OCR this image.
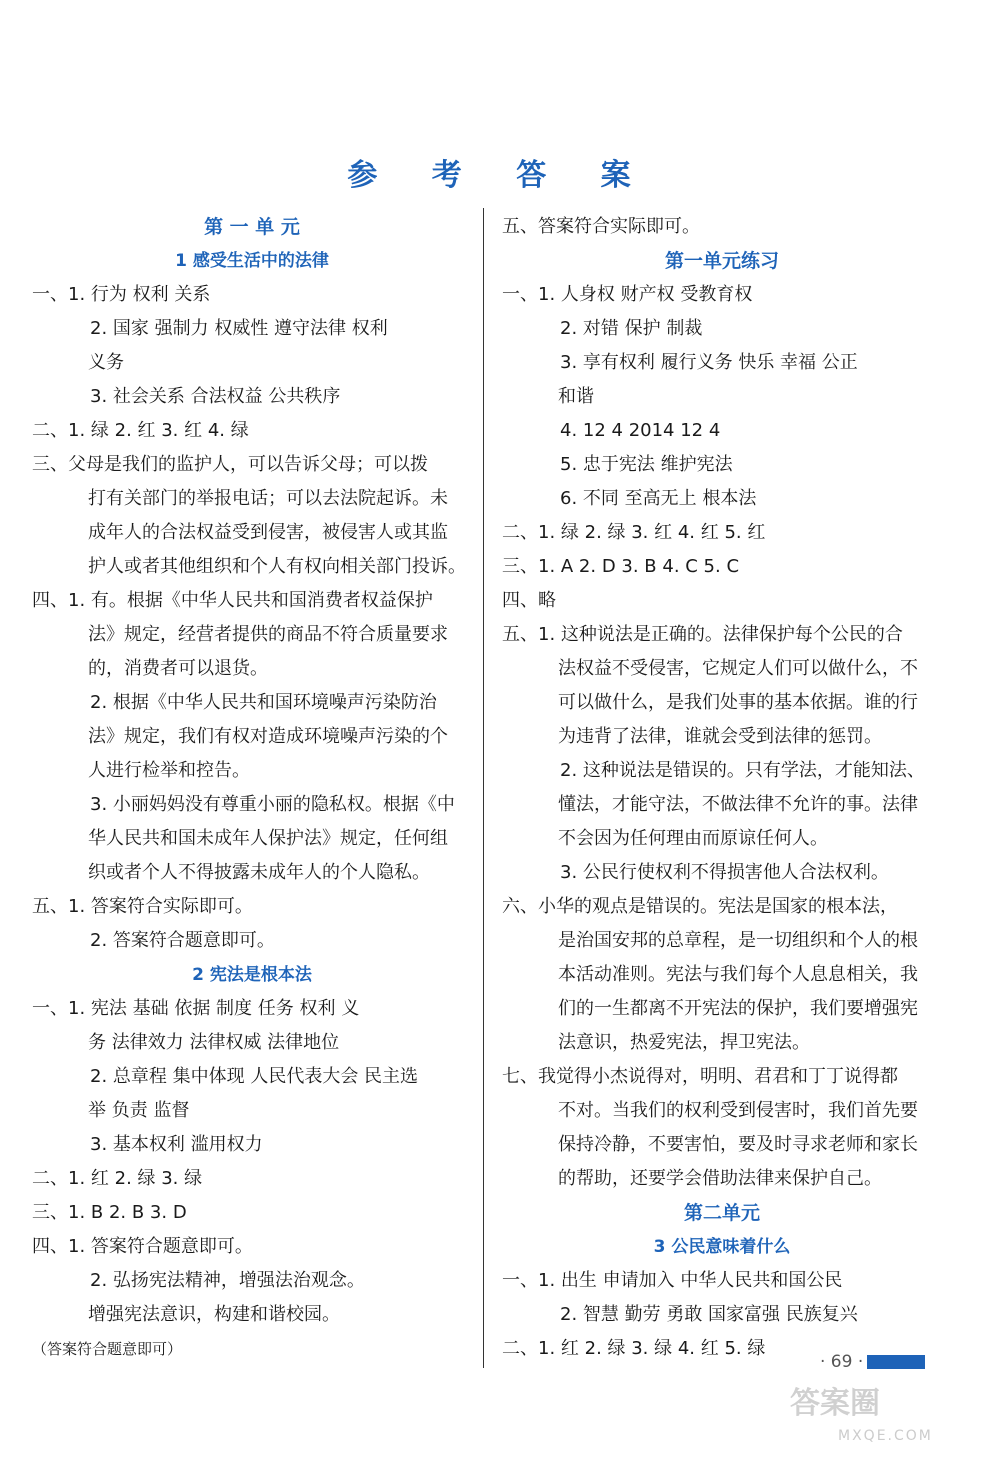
参 考 答 案
第 一 单 元
1 感受生活中的法律
一、1. 行为 权利 关系
2. 国家 强制力 权威性 遵守法律 权利
义务
3. 社会关系 合法权益 公共秩序
二、1. 绿 2. 红 3. 红 4. 绿
三、父母是我们的监护人，可以告诉父母；可以拨
打有关部门的举报电话；可以去法院起诉。未
成年人的合法权益受到侵害，被侵害人或其监
护人或者其他组织和个人有权向相关部门投诉。
四、1. 有。根据《中华人民共和国消费者权益保护
法》规定，经营者提供的商品不符合质量要求
的，消费者可以退货。
2. 根据《中华人民共和国环境噪声污染防治
法》规定，我们有权对造成环境噪声污染的个
人进行检举和控告。
3. 小丽妈妈没有尊重小丽的隐私权。根据《中
华人民共和国未成年人保护法》规定，任何组
织或者个人不得披露未成年人的个人隐私。
五、1. 答案符合实际即可。
2. 答案符合题意即可。
2 宪法是根本法
一、1. 宪法 基础 依据 制度 任务 权利 义
务 法律效力 法律权威 法律地位
2. 总章程 集中体现 人民代表大会 民主选
举 负责 监督
3. 基本权利 滥用权力
二、1. 红 2. 绿 3. 绿
三、1. B 2. B 3. D
四、1. 答案符合题意即可。
2. 弘扬宪法精神，增强法治观念。
增强宪法意识，构建和谐校园。
（答案符合题意即可）
五、答案符合实际即可。
第一单元练习
一、1. 人身权 财产权 受教育权
2. 对错 保护 制裁
3. 享有权利 履行义务 快乐 幸福 公正
和谐
4. 12 4 2014 12 4
5. 忠于宪法 维护宪法
6. 不同 至高无上 根本法
二、1. 绿 2. 绿 3. 红 4. 红 5. 红
三、1. A 2. D 3. B 4. C 5. C
四、略
五、1. 这种说法是正确的。法律保护每个公民的合
法权益不受侵害，它规定人们可以做什么，不
可以做什么，是我们处事的基本依据。谁的行
为违背了法律，谁就会受到法律的惩罚。
2. 这种说法是错误的。只有学法，才能知法、
懂法，才能守法，不做法律不允许的事。法律
不会因为任何理由而原谅任何人。
3. 公民行使权利不得损害他人合法权利。
六、小华的观点是错误的。宪法是国家的根本法，
是治国安邦的总章程，是一切组织和个人的根
本活动准则。宪法与我们每个人息息相关，我
们的一生都离不开宪法的保护，我们要增强宪
法意识，热爱宪法，捍卫宪法。
七、我觉得小杰说得对，明明、君君和丁丁说得都
不对。当我们的权利受到侵害时，我们首先要
保持冷静，不要害怕，要及时寻求老师和家长
的帮助，还要学会借助法律来保护自己。
第二单元
3 公民意味着什么
一、1. 出生 申请加入 中华人民共和国公民
2. 智慧 勤劳 勇敢 国家富强 民族复兴
二、1. 红 2. 绿 3. 绿 4. 红 5. 绿
· 69 ·
答案圈
MXQE.COM
